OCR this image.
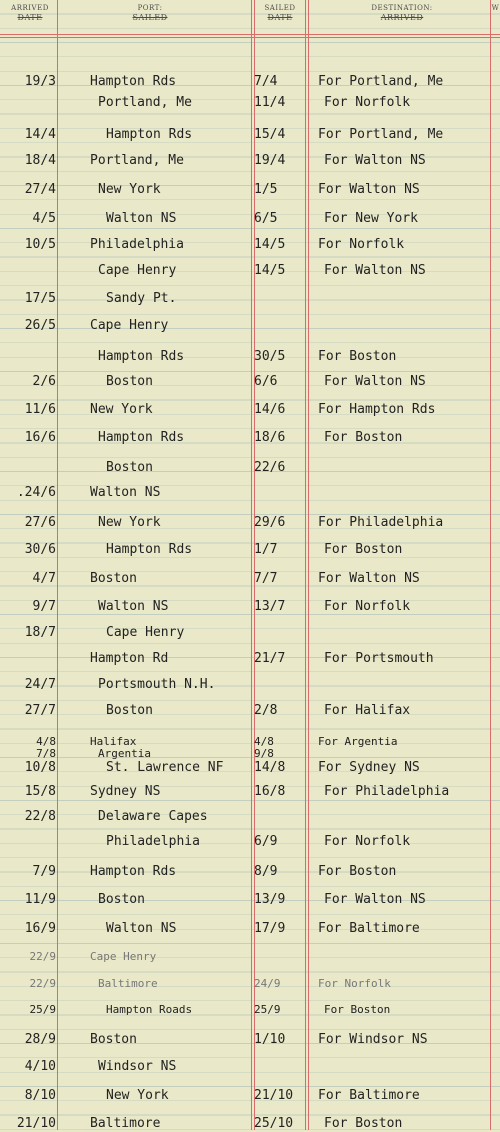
ARRIVED
DATE
PORT:
SAILED
SAILED
DATE
DESTINATION:
ARRIVED
W
19/3	Hampton Rds	7/4	For Portland, Me
Portland, Me	11/4	For Norfolk
14/4	Hampton Rds	15/4	For Portland, Me
18/4	Portland, Me	19/4	For Walton NS
27/4	New York	1/5	For Walton NS
4/5	Walton NS	6/5	For New York
10/5	Philadelphia	14/5	For Norfolk
Cape Henry	14/5	For Walton NS
17/5	Sandy Pt.
26/5	Cape Henry
Hampton Rds	30/5	For Boston
2/6	Boston	6/6	For Walton NS
11/6	New York	14/6	For Hampton Rds
16/6	Hampton Rds	18/6	For Boston
Boston	22/6
.24/6	Walton NS
27/6	New York	29/6	For Philadelphia
30/6	Hampton Rds	1/7	For Boston
4/7	Boston	7/7	For Walton NS
9/7	Walton NS	13/7	For Norfolk
18/7	Cape Henry
Hampton Rd	21/7	For Portsmouth
24/7	Portsmouth N.H.
27/7	Boston	2/8	For Halifax
4/8	Halifax	4/8	For Argentia
7/8	Argentia	9/8
10/8	St. Lawrence NF	14/8	For Sydney NS
15/8	Sydney NS	16/8	For Philadelphia
22/8	Delaware Capes
Philadelphia	6/9	For Norfolk
7/9	Hampton Rds	8/9	For Boston
11/9	Boston	13/9	For Walton NS
16/9	Walton NS	17/9	For Baltimore
22/9	Cape Henry
22/9	Baltimore	24/9	For Norfolk
25/9	Hampton Roads	25/9	For Boston
28/9	Boston	1/10	For Windsor NS
4/10	Windsor NS
8/10	New York	21/10	For Baltimore
21/10	Baltimore	25/10	For Boston
